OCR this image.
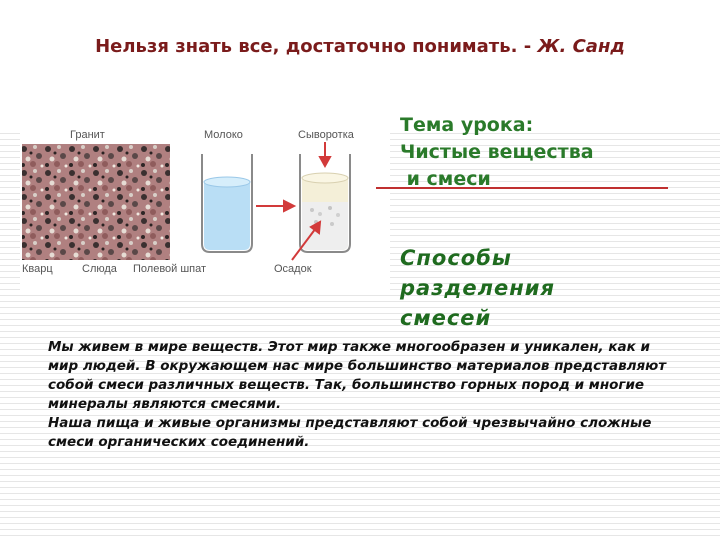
Нельзя знать все, достаточно понимать. - Ж. Санд
Гранит	Молоко	Сыворотка
Кварц	Слюда Полевой шпат	Осадок
Тема урока:
Чистые вещества
и смеси
Способы
разделения
смесей

Мы живем в мире веществ. Этот мир также многообразен и уникален, как и мир людей. В окружающем нас мире большинство материалов представляют собой смеси различных веществ. Так, большинство горных пород и многие минералы являются смесями.

Наша пища и живые организмы представляют собой чрезвычайно сложные смеси органических соединений.
